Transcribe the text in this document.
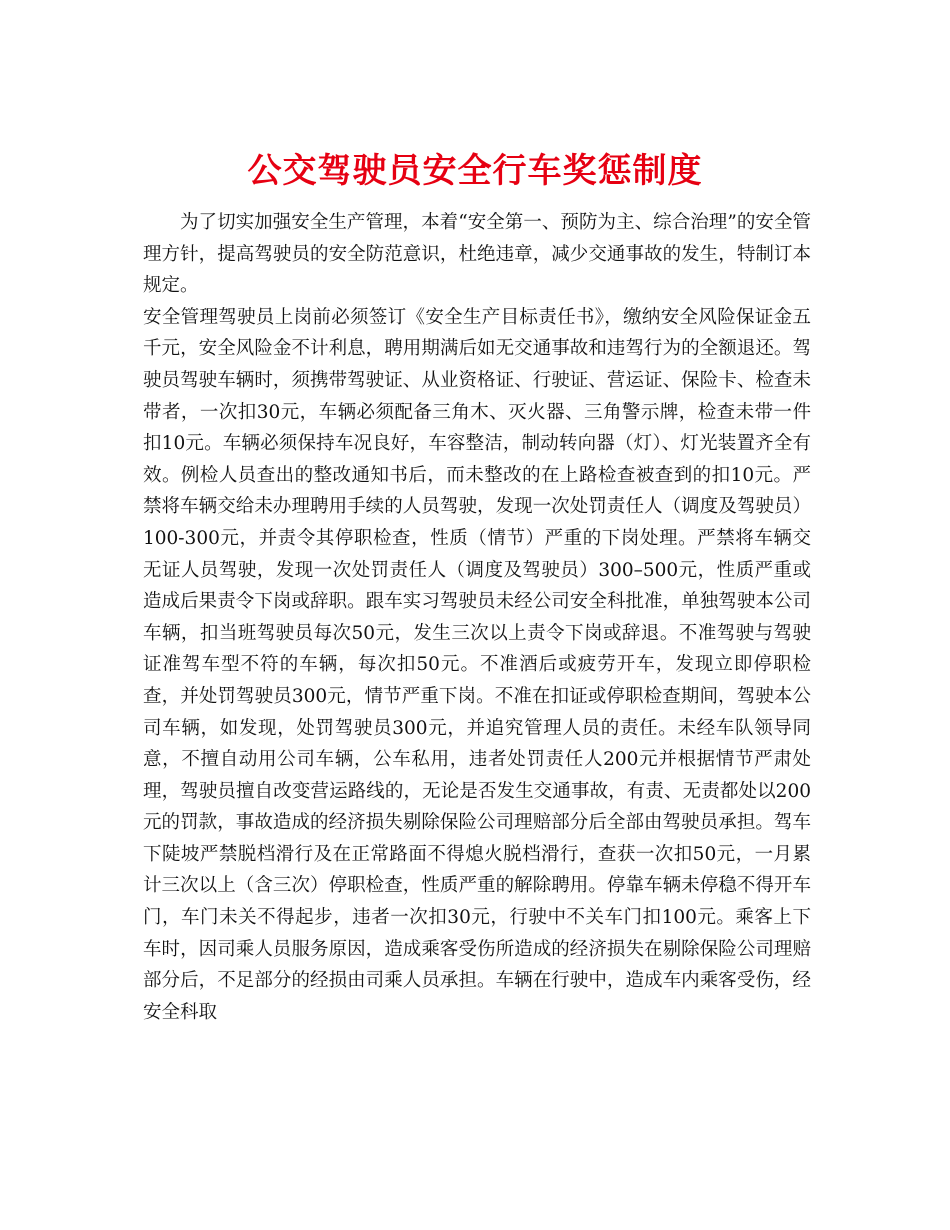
公交驾驶员安全行车奖惩制度

为了切实加强安全生产管理，本着“安全第一、预防为主、综合治理”的安全管理方针，提高驾驶员的安全防范意识，杜绝违章，减少交通事故的发生，特制订本规定。

安全管理驾驶员上岗前必须签订《安全生产目标责任书》，缴纳安全风险保证金五千元，安全风险金不计利息，聘用期满后如无交通事故和违驾行为的全额退还。驾驶员驾驶车辆时，须携带驾驶证、从业资格证、行驶证、营运证、保险卡、检查未带者，一次扣30元，车辆必须配备三角木、灭火器、三角警示牌，检查未带一件扣10元。车辆必须保持车况良好，车容整洁，制动转向器（灯）、灯光装置齐全有效。例检人员查出的整改通知书后，而未整改的在上路检查被查到的扣10元。严禁将车辆交给未办理聘用手续的人员驾驶，发现一次处罚责任人（调度及驾驶员）100-300元，并责令其停职检查，性质（情节）严重的下岗处理。严禁将车辆交无证人员驾驶，发现一次处罚责任人（调度及驾驶员）300–500元，性质严重或造成后果责令下岗或辞职。跟车实习驾驶员未经公司安全科批准，单独驾驶本公司车辆，扣当班驾驶员每次50元，发生三次以上责令下岗或辞退。不准驾驶与驾驶证准驾车型不符的车辆，每次扣50元。不准酒后或疲劳开车，发现立即停职检查，并处罚驾驶员300元，情节严重下岗。不准在扣证或停职检查期间，驾驶本公司车辆，如发现，处罚驾驶员300元，并追究管理人员的责任。未经车队领导同意，不擅自动用公司车辆，公车私用，违者处罚责任人200元并根据情节严肃处理，驾驶员擅自改变营运路线的，无论是否发生交通事故，有责、无责都处以200元的罚款，事故造成的经济损失剔除保险公司理赔部分后全部由驾驶员承担。驾车下陡坡严禁脱档滑行及在正常路面不得熄火脱档滑行，查获一次扣50元，一月累计三次以上（含三次）停职检查，性质严重的解除聘用。停靠车辆未停稳不得开车门，车门未关不得起步，违者一次扣30元，行驶中不关车门扣100元。乘客上下车时，因司乘人员服务原因，造成乘客受伤所造成的经济损失在剔除保险公司理赔部分后，不足部分的经损由司乘人员承担。车辆在行驶中，造成车内乘客受伤，经安全科取
